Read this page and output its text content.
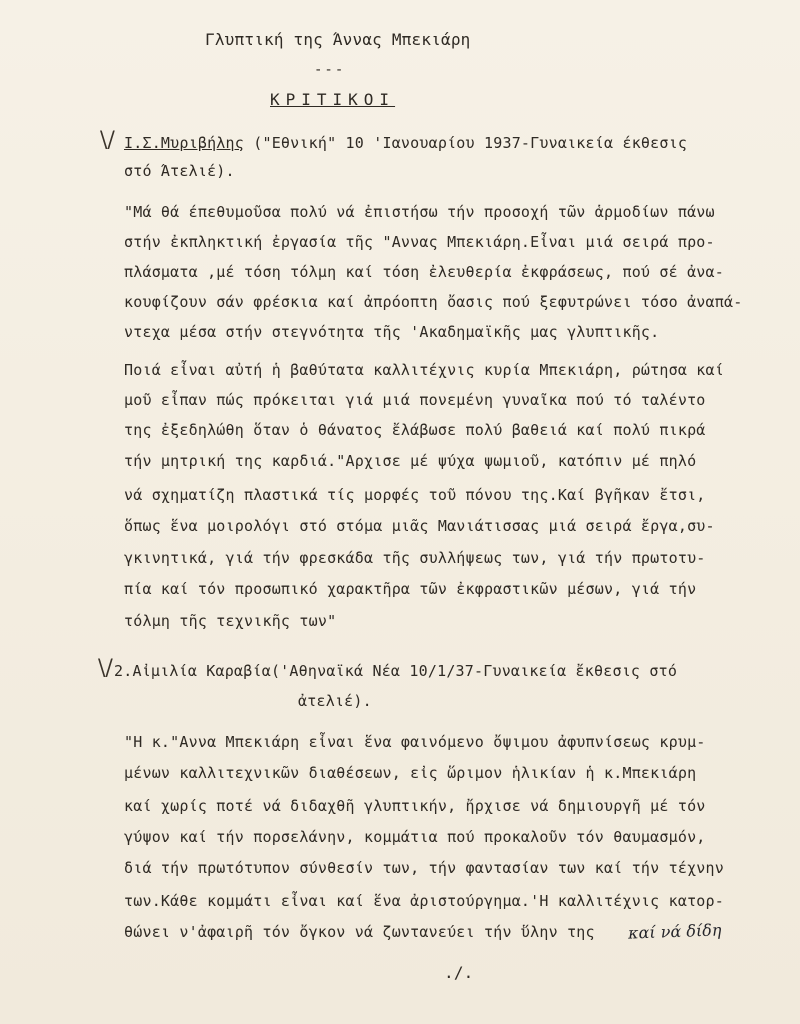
Γλυπτική της Άννας Μπεκιάρη
---
ΚΡΙΤΙΚΟΙ
\/ Ι.Σ.Μυριβήλης ("Εθνική" 10 'Ιανουαρίου 1937-Γυναικεία έκθεσις
στό Άτελιέ).
"Μά θά έπεθυμοῦσα πολύ νά ἐπιστήσω τήν προσοχή τῶν ἁρμοδίων πάνω
στήν ἐκπληκτική ἐργασία τῆς "Αννας Μπεκιάρη.Εἶναι μιά σειρά προ-
πλάσματα ,μέ τόση τόλμη καί τόση ἐλευθερία ἐκφράσεως, πού σέ ἀνα-
κουφίζουν σάν φρέσκια καί ἀπρόοπτη ὄασις πού ξεφυτρώνει τόσο ἀναπά-
ντεχα μέσα στήν στεγνότητα τῆς 'Ακαδημαϊκῆς μας γλυπτικῆς.
Ποιά εἶναι αὐτή ἡ βαθύτατα καλλιτέχνις κυρία Μπεκιάρη, ρώτησα καί
μοῦ εἶπαν πώς πρόκειται γιά μιά πονεμένη γυναῖκα πού τό ταλέντο
της ἐξεδηλώθη ὅταν ὁ θάνατος ἔλάβωσε πολύ βαθειά καί πολύ πικρά
τήν μητρική της καρδιά."Αρχισε μέ ψύχα ψωμιοῦ, κατόπιν μέ πηλό
νά σχηματίζη πλαστικά τίς μορφές τοῦ πόνου της.Καί βγῆκαν ἔτσι,
ὅπως ἕνα μοιρολόγι στό στόμα μιᾶς Μανιάτισσας μιά σειρά ἔργα,συ-
γκινητικά, γιά τήν φρεσκάδα τῆς συλλήψεως των, γιά τήν πρωτοτυ-
πία καί τόν προσωπικό χαρακτῆρα τῶν ἐκφραστικῶν μέσων, γιά τήν
τόλμη τῆς τεχνικῆς των"
\/ 2.Αἰμιλία Καραβία('Αθηναϊκά Νέα 10/1/37-Γυναικεία ἔκθεσις στό
ἀτελιέ).
"Η κ."Αννα Μπεκιάρη εἶναι ἕνα φαινόμενο ὄψιμου ἀφυπνίσεως κρυμ-
μένων καλλιτεχνικῶν διαθέσεων, εἰς ὥριμον ἡλικίαν ἡ κ.Μπεκιάρη
καί χωρίς ποτέ νά διδαχθῆ γλυπτικήν, ἤρχισε νά δημιουργῆ μέ τόν
γύψον καί τήν πορσελάνην, κομμάτια πού προκαλοῦν τόν θαυμασμόν,
διά τήν πρωτότυπον σύνθεσίν των, τήν φαντασίαν των καί τήν τέχνην
των.Κάθε κομμάτι εἶναι καί ἕνα ἀριστούργημα.'Η καλλιτέχνις κατορ-
θώνει ν'ἀφαιρῆ τόν ὄγκον νά ζωντανεύει τήν ὕλην της καί νά δίδη
./.
